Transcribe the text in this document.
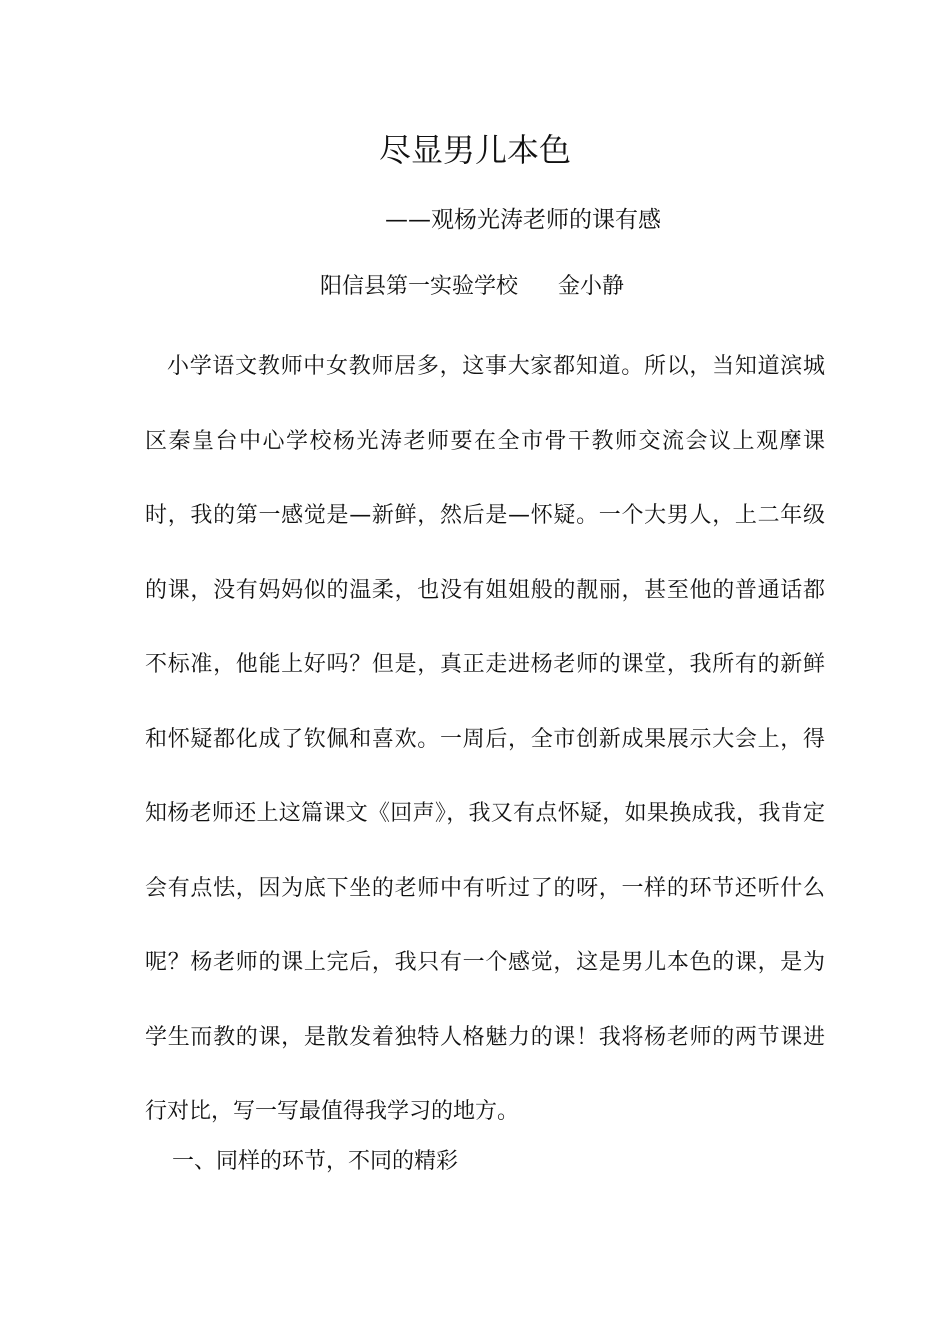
尽显男儿本色
——观杨光涛老师的课有感
阳信县第一实验学校 金小静

小学语文教师中女教师居多，这事大家都知道。所以，当知道滨城区秦皇台中心学校杨光涛老师要在全市骨干教师交流会议上观摩课时，我的第一感觉是—新鲜，然后是—怀疑。一个大男人，上二年级的课，没有妈妈似的温柔，也没有姐姐般的靓丽，甚至他的普通话都不标准，他能上好吗？但是，真正走进杨老师的课堂，我所有的新鲜和怀疑都化成了钦佩和喜欢。一周后，全市创新成果展示大会上，得知杨老师还上这篇课文《回声》，我又有点怀疑，如果换成我，我肯定会有点怯，因为底下坐的老师中有听过了的呀，一样的环节还听什么呢？杨老师的课上完后，我只有一个感觉，这是男儿本色的课，是为学生而教的课，是散发着独特人格魅力的课！我将杨老师的两节课进行对比，写一写最值得我学习的地方。

一、同样的环节，不同的精彩
